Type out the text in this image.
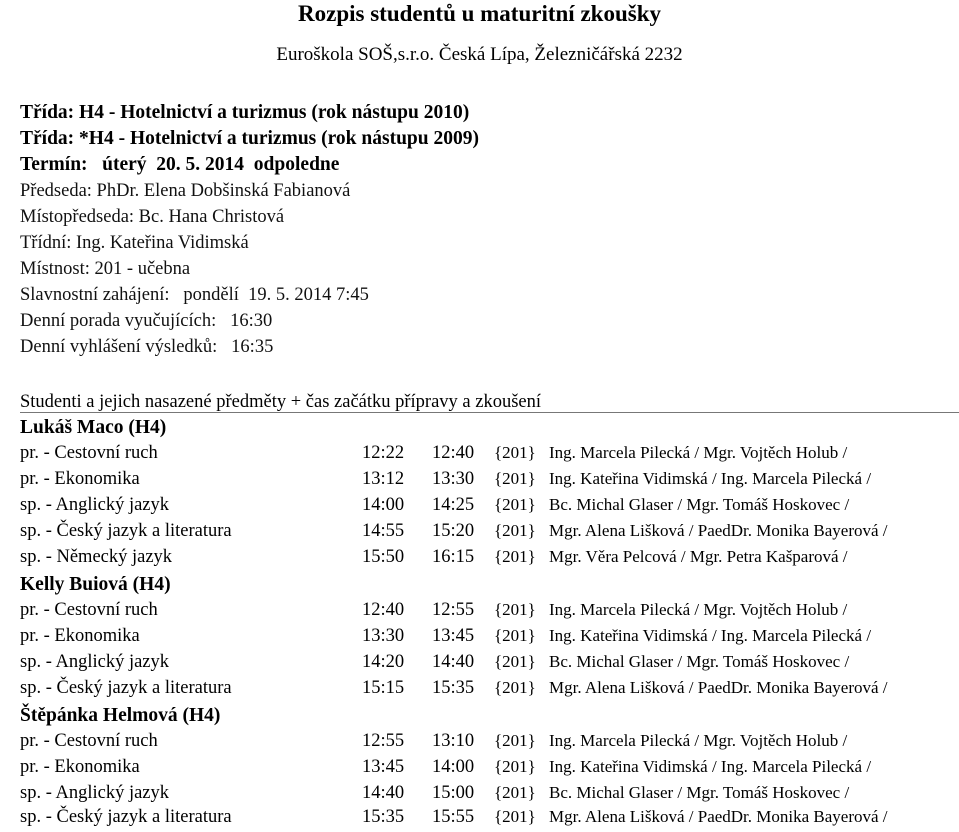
Rozpis studentů u maturitní zkoušky
Euroškola SOŠ,s.r.o. Česká Lípa, Železničářská 2232
Třída: H4 - Hotelnictví a turizmus (rok nástupu 2010)
Třída: *H4 - Hotelnictví a turizmus (rok nástupu 2009)
Termín:   úterý  20. 5. 2014  odpoledne
Předseda: PhDr. Elena Dobšinská Fabianová
Místopředseda: Bc. Hana Christová
Třídní: Ing. Kateřina Vidimská
Místnost: 201 - učebna
Slavnostní zahájení:   pondělí  19. 5. 2014 7:45
Denní porada vyučujících:   16:30
Denní vyhlášení výsledků:   16:35
Studenti a jejich nasazené předměty + čas začátku přípravy a zkoušení
Lukáš Maco (H4)
pr. - Cestovní ruch	12:22 12:40 {201} Ing. Marcela Pilecká / Mgr. Vojtěch Holub /
pr. - Ekonomika	13:12 13:30 {201} Ing. Kateřina Vidimská / Ing. Marcela Pilecká /
sp. - Anglický jazyk	14:00 14:25 {201} Bc. Michal Glaser / Mgr. Tomáš Hoskovec /
sp. - Český jazyk a literatura	14:55 15:20 {201} Mgr. Alena Lišková / PaedDr. Monika Bayerová /
sp. - Německý jazyk	15:50 16:15 {201} Mgr. Věra Pelcová / Mgr. Petra Kašparová /
Kelly Buiová (H4)
pr. - Cestovní ruch	12:40 12:55 {201} Ing. Marcela Pilecká / Mgr. Vojtěch Holub /
pr. - Ekonomika	13:30 13:45 {201} Ing. Kateřina Vidimská / Ing. Marcela Pilecká /
sp. - Anglický jazyk	14:20 14:40 {201} Bc. Michal Glaser / Mgr. Tomáš Hoskovec /
sp. - Český jazyk a literatura	15:15 15:35 {201} Mgr. Alena Lišková / PaedDr. Monika Bayerová /
Štěpánka Helmová (H4)
pr. - Cestovní ruch	12:55 13:10 {201} Ing. Marcela Pilecká / Mgr. Vojtěch Holub /
pr. - Ekonomika	13:45 14:00 {201} Ing. Kateřina Vidimská / Ing. Marcela Pilecká /
sp. - Anglický jazyk	14:40 15:00 {201} Bc. Michal Glaser / Mgr. Tomáš Hoskovec /
sp. - Český jazyk a literatura	15:35 15:55 {201} Mgr. Alena Lišková / PaedDr. Monika Bayerová /
